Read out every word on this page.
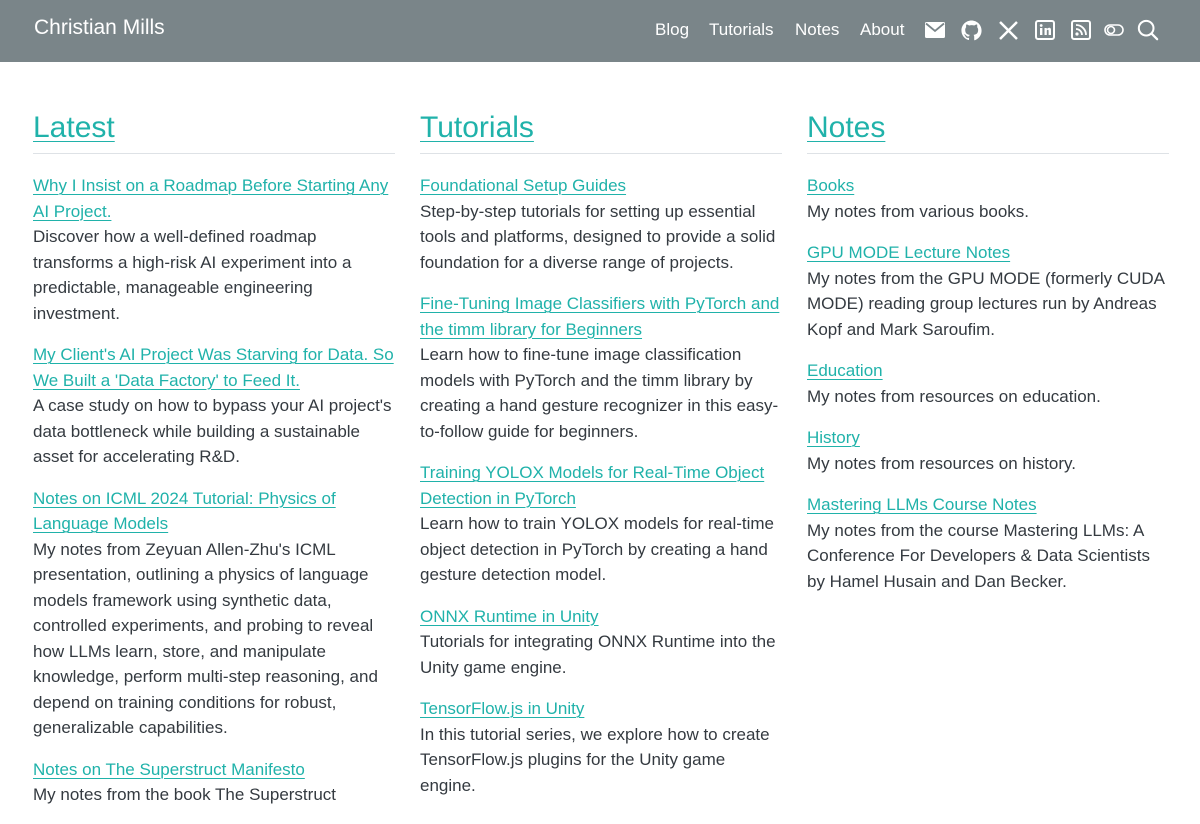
Christian Mills	Blog Tutorials Notes About
Latest
Why I Insist on a Roadmap Before Starting Any AI Project.
Discover how a well-defined roadmap transforms a high-risk AI experiment into a predictable, manageable engineering investment.
My Client's AI Project Was Starving for Data. So We Built a 'Data Factory' to Feed It.
A case study on how to bypass your AI project's data bottleneck while building a sustainable asset for accelerating R&D.
Notes on ICML 2024 Tutorial: Physics of Language Models
My notes from Zeyuan Allen-Zhu's ICML presentation, outlining a physics of language models framework using synthetic data, controlled experiments, and probing to reveal how LLMs learn, store, and manipulate knowledge, perform multi-step reasoning, and depend on training conditions for robust, generalizable capabilities.
Notes on The Superstruct Manifesto
My notes from the book The Superstruct
Tutorials
Foundational Setup Guides
Step-by-step tutorials for setting up essential tools and platforms, designed to provide a solid foundation for a diverse range of projects.
Fine-Tuning Image Classifiers with PyTorch and the timm library for Beginners
Learn how to fine-tune image classification models with PyTorch and the timm library by creating a hand gesture recognizer in this easy-to-follow guide for beginners.
Training YOLOX Models for Real-Time Object Detection in PyTorch
Learn how to train YOLOX models for real-time object detection in PyTorch by creating a hand gesture detection model.
ONNX Runtime in Unity
Tutorials for integrating ONNX Runtime into the Unity game engine.
TensorFlow.js in Unity
In this tutorial series, we explore how to create TensorFlow.js plugins for the Unity game engine.
Notes
Books
My notes from various books.
GPU MODE Lecture Notes
My notes from the GPU MODE (formerly CUDA MODE) reading group lectures run by Andreas Kopf and Mark Saroufim.
Education
My notes from resources on education.
History
My notes from resources on history.
Mastering LLMs Course Notes
My notes from the course Mastering LLMs: A Conference For Developers & Data Scientists by Hamel Husain and Dan Becker.
